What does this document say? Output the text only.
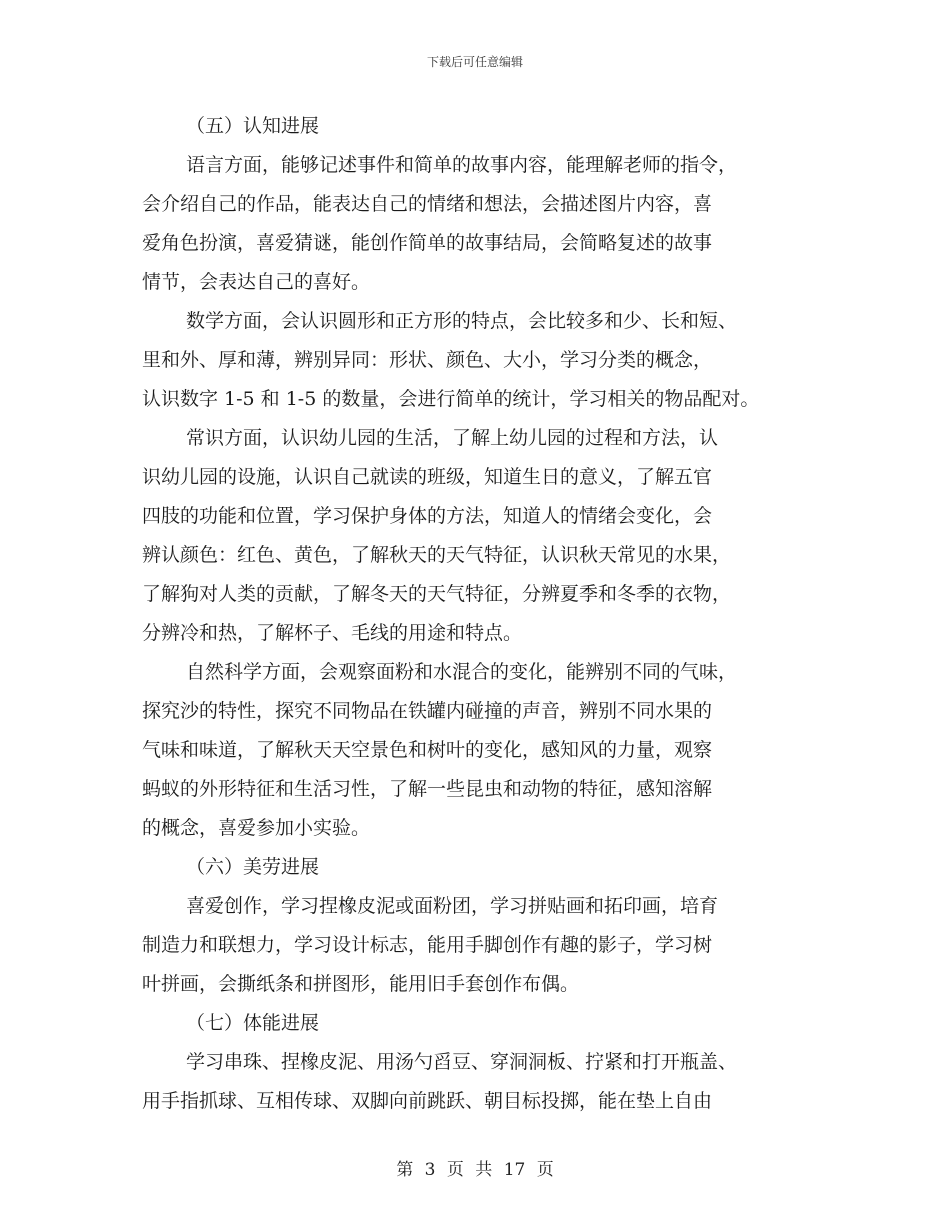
下载后可任意编辑
（五）认知进展

语言方面，能够记述事件和简单的故事内容，能理解老师的指令，
会介绍自己的作品，能表达自己的情绪和想法，会描述图片内容，喜
爱角色扮演，喜爱猜谜，能创作简单的故事结局，会简略复述的故事
情节，会表达自己的喜好。

数学方面，会认识圆形和正方形的特点，会比较多和少、长和短、
里和外、厚和薄，辨别异同：形状、颜色、大小，学习分类的概念，
认识数字 1-5 和 1-5 的数量，会进行简单的统计，学习相关的物品配对。

常识方面，认识幼儿园的生活，了解上幼儿园的过程和方法，认
识幼儿园的设施，认识自己就读的班级，知道生日的意义，了解五官
四肢的功能和位置，学习保护身体的方法，知道人的情绪会变化，会
辨认颜色：红色、黄色，了解秋天的天气特征，认识秋天常见的水果，
了解狗对人类的贡献，了解冬天的天气特征，分辨夏季和冬季的衣物，
分辨冷和热，了解杯子、毛线的用途和特点。

自然科学方面，会观察面粉和水混合的变化，能辨别不同的气味，
探究沙的特性，探究不同物品在铁罐内碰撞的声音，辨别不同水果的
气味和味道，了解秋天天空景色和树叶的变化，感知风的力量，观察
蚂蚁的外形特征和生活习性，了解一些昆虫和动物的特征，感知溶解
的概念，喜爱参加小实验。

（六）美劳进展

喜爱创作，学习捏橡皮泥或面粉团，学习拼贴画和拓印画，培育
制造力和联想力，学习设计标志，能用手脚创作有趣的影子，学习树
叶拼画，会撕纸条和拼图形，能用旧手套创作布偶。

（七）体能进展

学习串珠、捏橡皮泥、用汤勺舀豆、穿洞洞板、拧紧和打开瓶盖、
用手指抓球、互相传球、双脚向前跳跃、朝目标投掷，能在垫上自由

第 3 页 共 17 页
